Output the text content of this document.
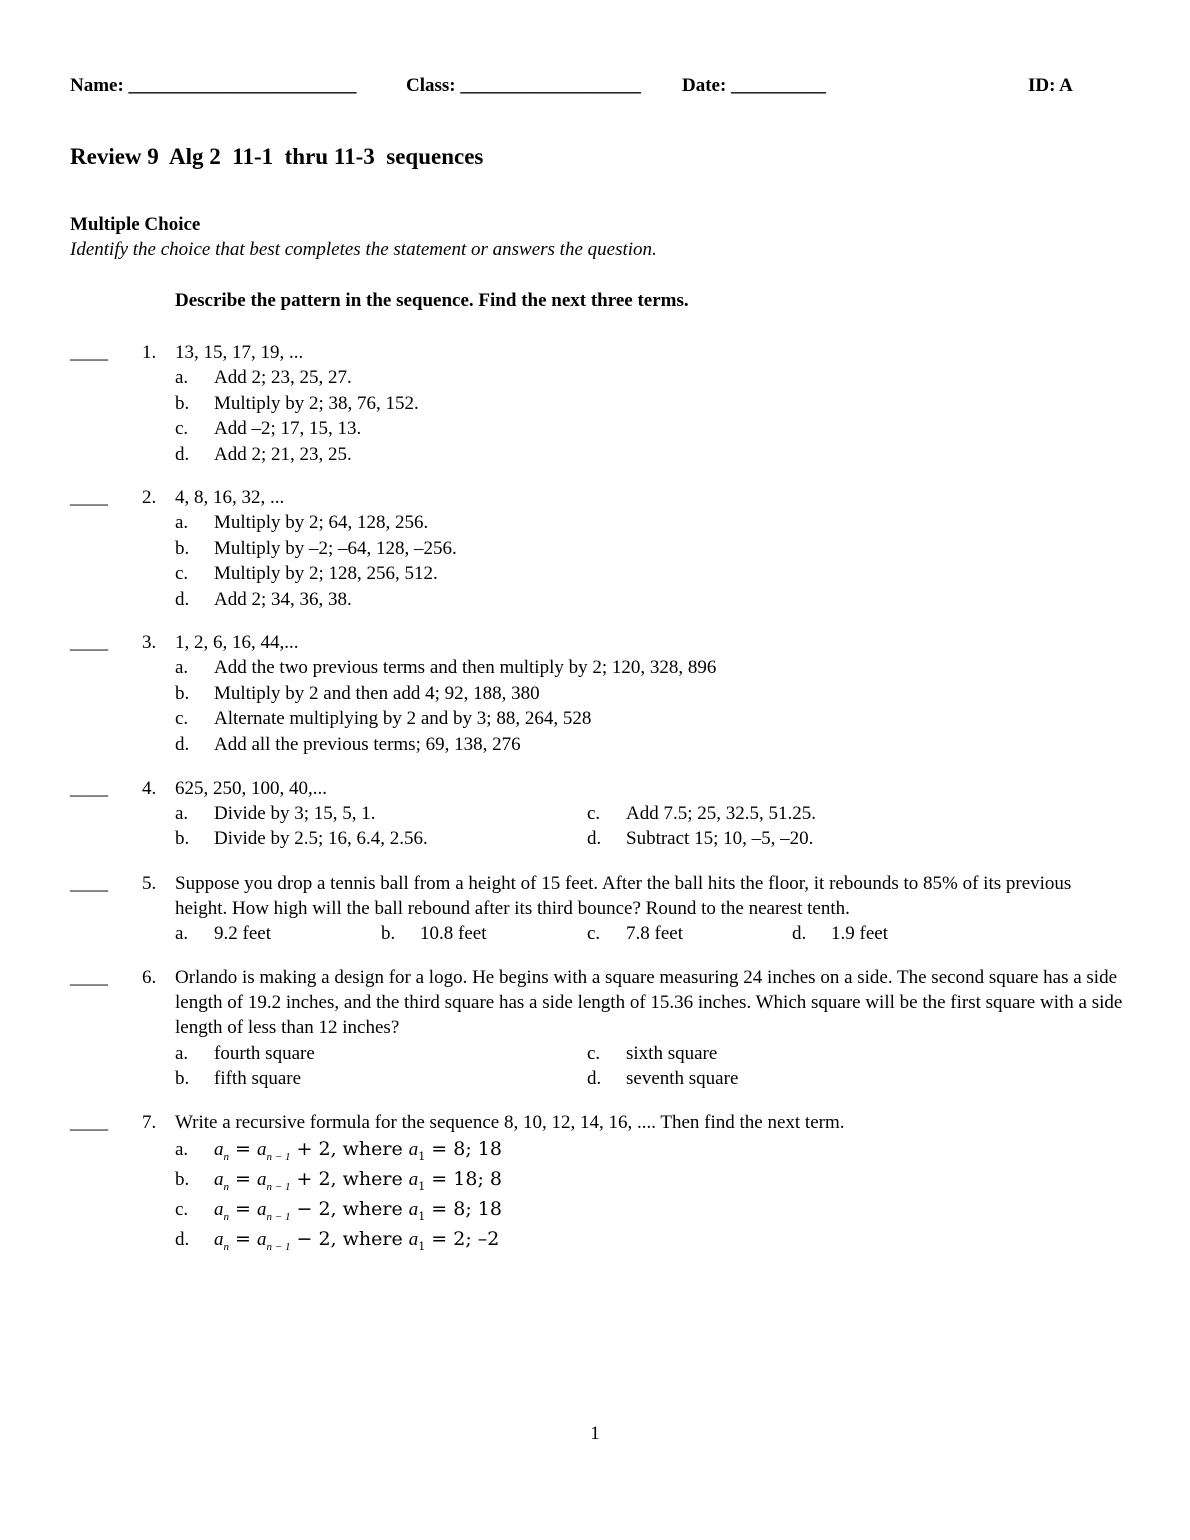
Name: ________________________	Class: ___________________ Date: __________	ID: A
Review 9  Alg 2  11-1  thru 11-3  sequences
Multiple Choice
Identify the choice that best completes the statement or answers the question.
Describe the pattern in the sequence. Find the next three terms.
____ 1. 13, 15, 17, 19, ...
a. Add 2; 23, 25, 27.
b. Multiply by 2; 38, 76, 152.
c. Add –2; 17, 15, 13.
d. Add 2; 21, 23, 25.
____ 2. 4, 8, 16, 32, ...
a. Multiply by 2; 64, 128, 256.
b. Multiply by –2; –64, 128, –256.
c. Multiply by 2; 128, 256, 512.
d. Add 2; 34, 36, 38.
____ 3. 1, 2, 6, 16, 44,...
a. Add the two previous terms and then multiply by 2; 120, 328, 896
b. Multiply by 2 and then add 4; 92, 188, 380
c. Alternate multiplying by 2 and by 3; 88, 264, 528
d. Add all the previous terms; 69, 138, 276
____ 4. 625, 250, 100, 40,...
a. Divide by 3; 15, 5, 1.
b. Divide by 2.5; 16, 6.4, 2.56.
c. Add 7.5; 25, 32.5, 51.25.
d. Subtract 15; 10, –5, –20.
____ 5. Suppose you drop a tennis ball from a height of 15 feet. After the ball hits the floor, it rebounds to 85% of its previous height. How high will the ball rebound after its third bounce? Round to the nearest tenth.
a. 9.2 feet	b. 10.8 feet	c. 7.8 feet	d. 1.9 feet
____ 6. Orlando is making a design for a logo. He begins with a square measuring 24 inches on a side. The second square has a side length of 19.2 inches, and the third square has a side length of 15.36 inches. Which square will be the first square with a side length of less than 12 inches?
a. fourth square
b. fifth square
c. sixth square
d. seventh square
____ 7. Write a recursive formula for the sequence 8, 10, 12, 14, 16, .... Then find the next term.
a. $a_n = a_{n - 1} + 2$, where $a_1 = 8$; 18
b. $a_n = a_{n - 1} + 2$, where $a_1 = 18$; 8
c. $a_n = a_{n - 1} - 2$, where $a_1 = 8$; 18
d. $a_n = a_{n - 1} - 2$, where $a_1 = 2$; –2
1
